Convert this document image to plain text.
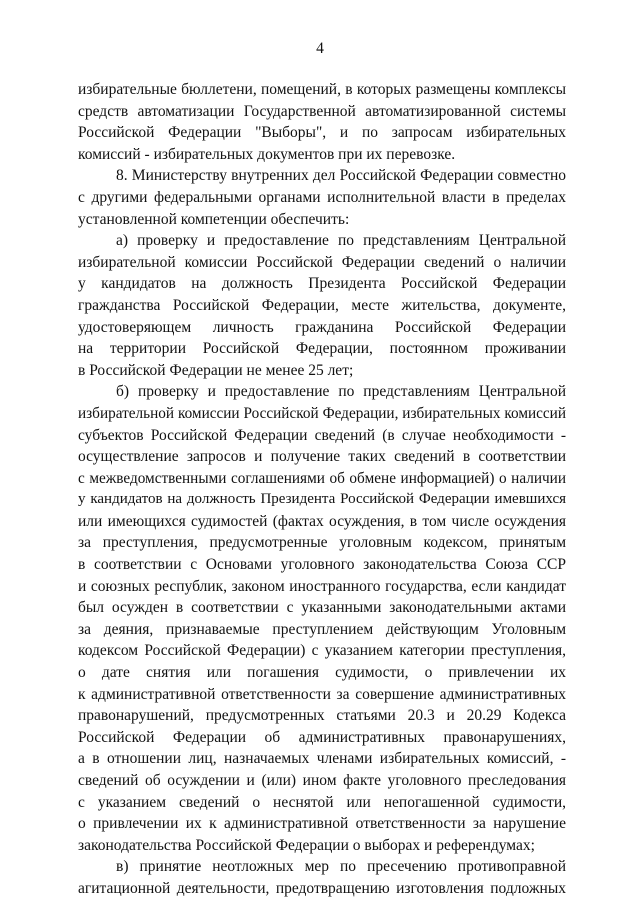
4
избирательные бюллетени, помещений, в которых размещены комплексы
средств автоматизации Государственной автоматизированной системы
Российской Федерации "Выборы", и по запросам избирательных
комиссий - избирательных документов при их перевозке.
8. Министерству внутренних дел Российской Федерации совместно
с другими федеральными органами исполнительной власти в пределах
установленной компетенции обеспечить:
а) проверку и предоставление по представлениям Центральной
избирательной комиссии Российской Федерации сведений о наличии
у кандидатов на должность Президента Российской Федерации
гражданства Российской Федерации, месте жительства, документе,
удостоверяющем личность гражданина Российской Федерации
на территории Российской Федерации, постоянном проживании
в Российской Федерации не менее 25 лет;
б) проверку и предоставление по представлениям Центральной
избирательной комиссии Российской Федерации, избирательных комиссий
субъектов Российской Федерации сведений (в случае необходимости -
осуществление запросов и получение таких сведений в соответствии
с межведомственными соглашениями об обмене информацией) о наличии
у кандидатов на должность Президента Российской Федерации имевшихся
или имеющихся судимостей (фактах осуждения, в том числе осуждения
за преступления, предусмотренные уголовным кодексом, принятым
в соответствии с Основами уголовного законодательства Союза ССР
и союзных республик, законом иностранного государства, если кандидат
был осужден в соответствии с указанными законодательными актами
за деяния, признаваемые преступлением действующим Уголовным
кодексом Российской Федерации) с указанием категории преступления,
о дате снятия или погашения судимости, о привлечении их
к административной ответственности за совершение административных
правонарушений, предусмотренных статьями 20.3 и 20.29 Кодекса
Российской Федерации об административных правонарушениях,
а в отношении лиц, назначаемых членами избирательных комиссий, -
сведений об осуждении и (или) ином факте уголовного преследования
с указанием сведений о неснятой или непогашенной судимости,
о привлечении их к административной ответственности за нарушение
законодательства Российской Федерации о выборах и референдумах;
в) принятие неотложных мер по пресечению противоправной
агитационной деятельности, предотвращению изготовления подложных
